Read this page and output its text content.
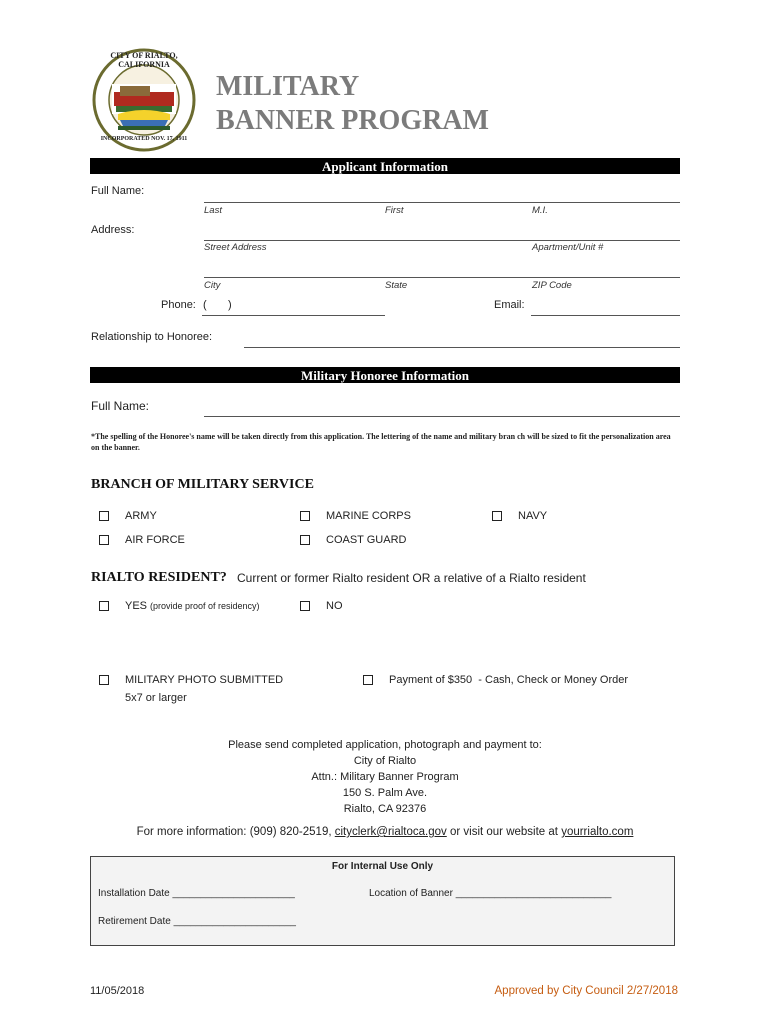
CITY OF RIALTO, CALIFORNIA
INCORPORATED NOV. 17, 1911
MILITARY
BANNER PROGRAM
Applicant Information
Full Name:
Last	First	M.I.
Address:
Street Address	Apartment/Unit #
City	State	ZIP Code
Phone: (       )	Email:
Relationship to Honoree:
Military Honoree Information
Full Name:
*The spelling of the Honoree's name will be taken directly from this application. The lettering of the name and military bran ch will be sized to fit the personalization area on the banner.
BRANCH OF MILITARY SERVICE
ARMY	MARINE CORPS	NAVY
AIR FORCE	COAST GUARD
RIALTO RESIDENT? Current or former Rialto resident OR a relative of a Rialto resident
YES (provide proof of residency)	NO
MILITARY PHOTO SUBMITTED
5x7 or larger
Payment of $350  - Cash, Check or Money Order
Please send completed application, photograph and payment to:
City of Rialto
Attn.: Military Banner Program
150 S. Palm Ave.
Rialto, CA 92376
For more information: (909) 820-2519, cityclerk@rialtoca.gov or visit our website at yourrialto.com
For Internal Use Only
Installation Date ______________________	Location of Banner ____________________________
Retirement Date ______________________
11/05/2018	Approved by City Council 2/27/2018
